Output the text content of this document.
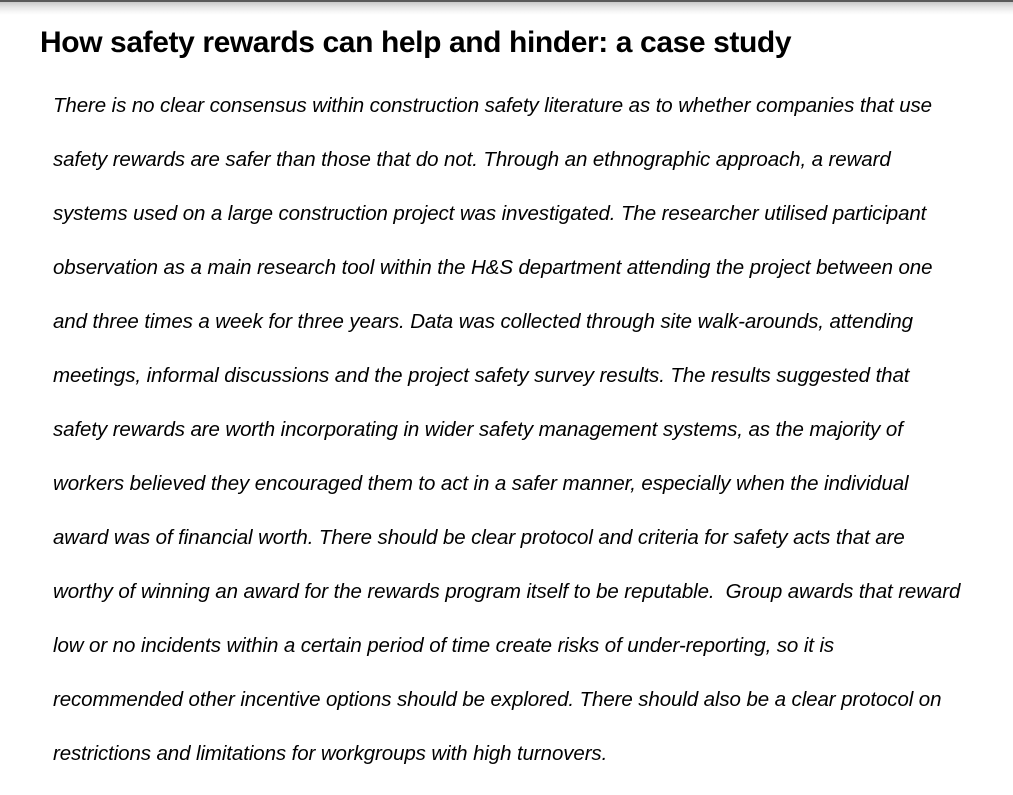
How safety rewards can help and hinder: a case study

There is no clear consensus within construction safety literature as to whether companies that use safety rewards are safer than those that do not. Through an ethnographic approach, a reward systems used on a large construction project was investigated. The researcher utilised participant observation as a main research tool within the H&S department attending the project between one and three times a week for three years. Data was collected through site walk-arounds, attending meetings, informal discussions and the project safety survey results. The results suggested that safety rewards are worth incorporating in wider safety management systems, as the majority of workers believed they encouraged them to act in a safer manner, especially when the individual award was of financial worth. There should be clear protocol and criteria for safety acts that are worthy of winning an award for the rewards program itself to be reputable.  Group awards that reward low or no incidents within a certain period of time create risks of under-reporting, so it is recommended other incentive options should be explored. There should also be a clear protocol on restrictions and limitations for workgroups with high turnovers.
